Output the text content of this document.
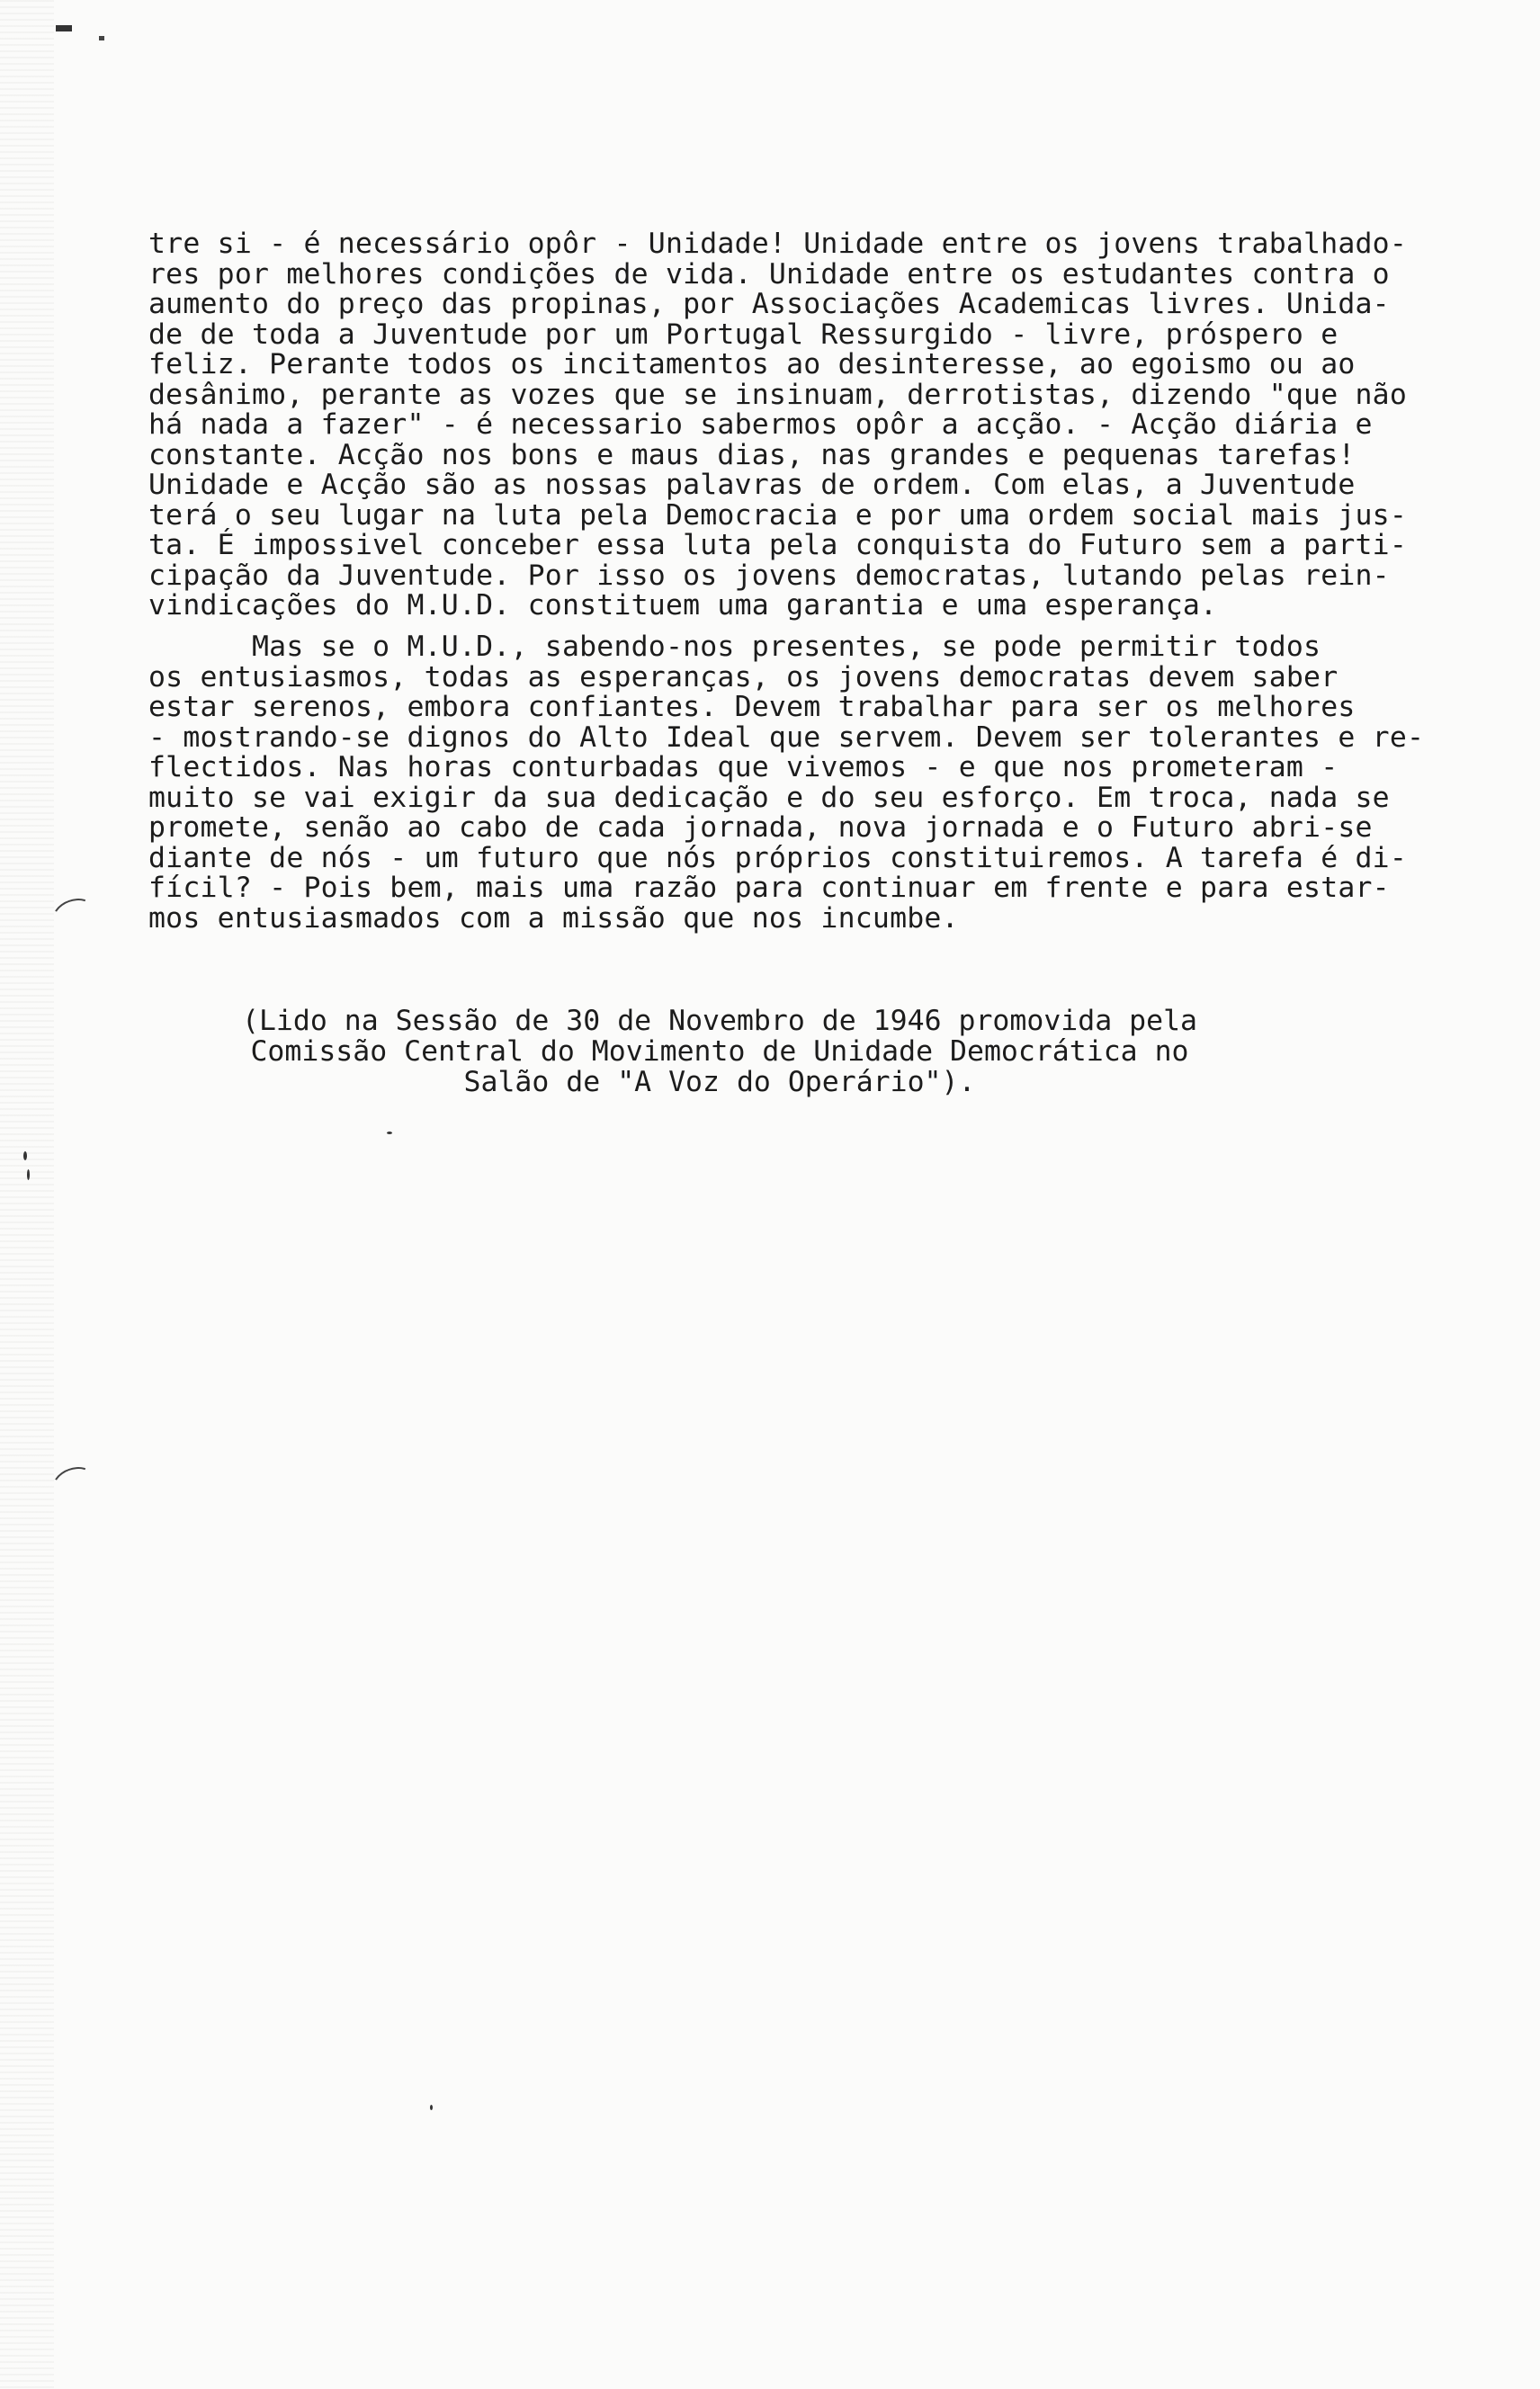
tre si - é necessário opôr - Unidade! Unidade entre os jovens trabalhado-
res por melhores condições de vida. Unidade entre os estudantes contra o
aumento do preço das propinas, por Associações Academicas livres. Unida-
de de toda a Juventude por um Portugal Ressurgido - livre, próspero e
feliz. Perante todos os incitamentos ao desinteresse, ao egoismo ou ao
desânimo, perante as vozes que se insinuam, derrotistas, dizendo "que não
há nada a fazer" - é necessario sabermos opôr a acção. - Acção diária e
constante. Acção nos bons e maus dias, nas grandes e pequenas tarefas!
Unidade e Acção são as nossas palavras de ordem. Com elas, a Juventude
terá o seu lugar na luta pela Democracia e por uma ordem social mais jus-
ta. É impossivel conceber essa luta pela conquista do Futuro sem a parti-
cipação da Juventude. Por isso os jovens democratas, lutando pelas rein-
vindicações do M.U.D. constituem uma garantia e uma esperança.
Mas se o M.U.D., sabendo-nos presentes, se pode permitir todos
os entusiasmos, todas as esperanças, os jovens democratas devem saber
estar serenos, embora confiantes. Devem trabalhar para ser os melhores
- mostrando-se dignos do Alto Ideal que servem. Devem ser tolerantes e re-
flectidos. Nas horas conturbadas que vivemos - e que nos prometeram -
muito se vai exigir da sua dedicação e do seu esforço. Em troca, nada se
promete, senão ao cabo de cada jornada, nova jornada e o Futuro abri-se
diante de nós - um futuro que nós próprios constituiremos. A tarefa é di-
fícil? - Pois bem, mais uma razão para continuar em frente e para estar-
mos entusiasmados com a missão que nos incumbe.
(Lido na Sessão de 30 de Novembro de 1946 promovida pela
Comissão Central do Movimento de Unidade Democrática no
Salão de "A Voz do Operário").
